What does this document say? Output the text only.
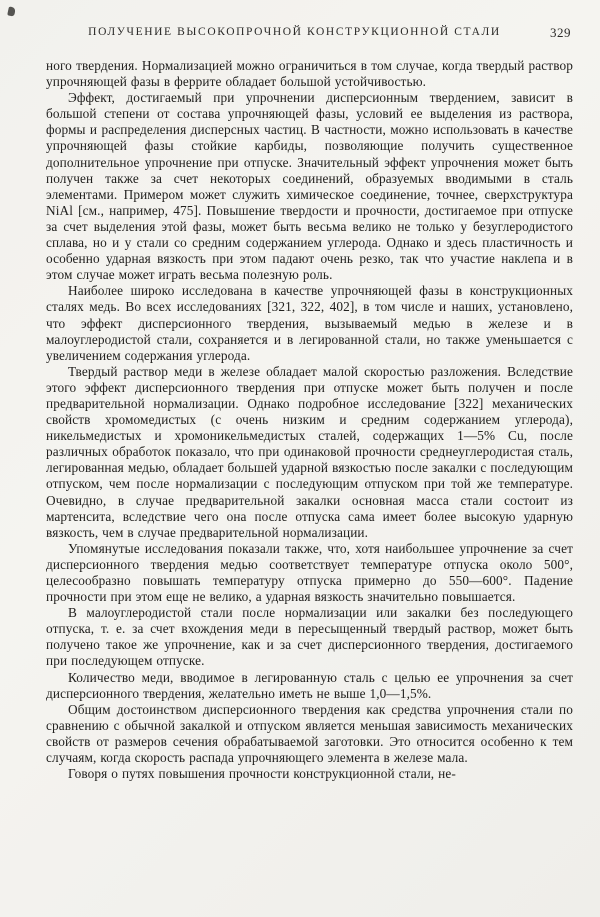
ПОЛУЧЕНИЕ ВЫСОКОПРОЧНОЙ КОНСТРУКЦИОННОЙ СТАЛИ	329

ного твердения. Нормализацией можно ограничиться в том случае, когда твердый раствор упрочняющей фазы в феррите обладает большой устойчивостью.

Эффект, достигаемый при упрочнении дисперсионным твердением, зависит в большой степени от состава упрочняющей фазы, условий ее выделения из раствора, формы и распределения дисперсных частиц. В частности, можно использовать в качестве упрочняющей фазы стойкие карбиды, позволяющие получить существенное дополнительное упрочнение при отпуске. Значительный эффект упрочнения может быть получен также за счет некоторых соединений, образуемых вводимыми в сталь элементами. Примером может служить химическое соединение, точнее, сверхструктура NiAl [см., например, 475]. Повышение твердости и прочности, достигаемое при отпуске за счет выделения этой фазы, может быть весьма велико не только у безуглеродистого сплава, но и у стали со средним содержанием углерода. Однако и здесь пластичность и особенно ударная вязкость при этом падают очень резко, так что участие наклепа и в этом случае может играть весьма полезную роль.

Наиболее широко исследована в качестве упрочняющей фазы в конструкционных сталях медь. Во всех исследованиях [321, 322, 402], в том числе и наших, установлено, что эффект дисперсионного твердения, вызываемый медью в железе и в малоуглеродистой стали, сохраняется и в легированной стали, но также уменьшается с увеличением содержания углерода.

Твердый раствор меди в железе обладает малой скоростью разложения. Вследствие этого эффект дисперсионного твердения при отпуске может быть получен и после предварительной нормализации. Однако подробное исследование [322] механических свойств хромомедистых (с очень низким и средним содержанием углерода), никельмедистых и хромоникельмедистых сталей, содержащих 1—5% Cu, после различных обработок показало, что при одинаковой прочности среднеуглеродистая сталь, легированная медью, обладает большей ударной вязкостью после закалки с последующим отпуском, чем после нормализации с последующим отпуском при той же температуре. Очевидно, в случае предварительной закалки основная масса стали состоит из мартенсита, вследствие чего она после отпуска сама имеет более высокую ударную вязкость, чем в случае предварительной нормализации.

Упомянутые исследования показали также, что, хотя наибольшее упрочнение за счет дисперсионного твердения медью соответствует температуре отпуска около 500°, целесообразно повышать температуру отпуска примерно до 550—600°. Падение прочности при этом еще не велико, а ударная вязкость значительно повышается.

В малоуглеродистой стали после нормализации или закалки без последующего отпуска, т. е. за счет вхождения меди в пересыщенный твердый раствор, может быть получено такое же упрочнение, как и за счет дисперсионного твердения, достигаемого при последующем отпуске.

Количество меди, вводимое в легированную сталь с целью ее упрочнения за счет дисперсионного твердения, желательно иметь не выше 1,0—1,5%.

Общим достоинством дисперсионного твердения как средства упрочнения стали по сравнению с обычной закалкой и отпуском является меньшая зависимость механических свойств от размеров сечения обрабатываемой заготовки. Это относится особенно к тем случаям, когда скорость распада упрочняющего элемента в железе мала.

Говоря о путях повышения прочности конструкционной стали, не-
